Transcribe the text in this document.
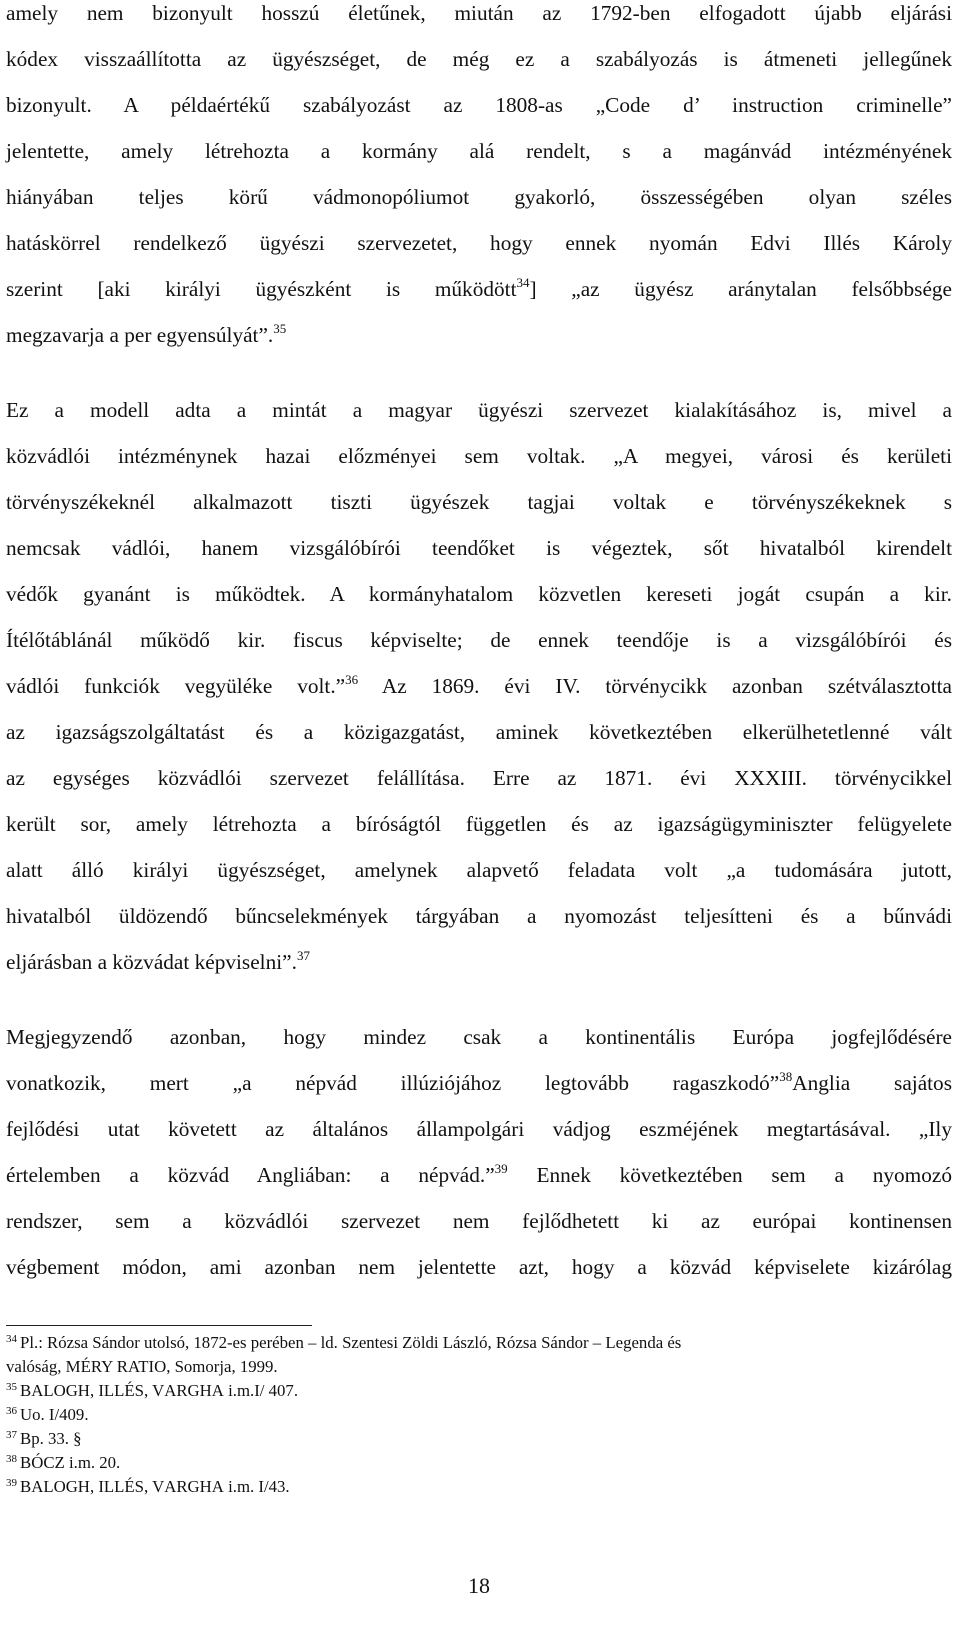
amely nem bizonyult hosszú életűnek, miután az 1792-ben elfogadott újabb eljárási
kódex visszaállította az ügyészséget, de még ez a szabályozás is átmeneti jellegűnek
bizonyult. A példaértékű szabályozást az 1808-as „Code d’ instruction criminelle”
jelentette, amely létrehozta a kormány alá rendelt, s a magánvád intézményének
hiányában teljes körű vádmonopóliumot gyakorló, összességében olyan széles
hatáskörrel rendelkező ügyészi szervezetet, hogy ennek nyomán Edvi Illés Károly
szerint [aki királyi ügyészként is működött$^{34}$] „az ügyész aránytalan felsőbbsége
megzavarja a per egyensúlyát”.$^{35}$
Ez a modell adta a mintát a magyar ügyészi szervezet kialakításához is, mivel a
közvádlói intézménynek hazai előzményei sem voltak. „A megyei, városi és kerületi
törvényszékeknél alkalmazott tiszti ügyészek tagjai voltak e törvényszékeknek s
nemcsak vádlói, hanem vizsgálóbírói teendőket is végeztek, sőt hivatalból kirendelt
védők gyanánt is működtek. A kormányhatalom közvetlen kereseti jogát csupán a kir.
Ítélőtáblánál működő kir. fiscus képviselte; de ennek teendője is a vizsgálóbírói és
vádlói funkciók vegyüléke volt.”$^{36}$ Az 1869. évi IV. törvénycikk azonban szétválasztotta
az igazságszolgáltatást és a közigazgatást, aminek következtében elkerülhetetlenné vált
az egységes közvádlói szervezet felállítása. Erre az 1871. évi XXXIII. törvénycikkel
került sor, amely létrehozta a bíróságtól független és az igazságügyminiszter felügyelete
alatt álló királyi ügyészséget, amelynek alapvető feladata volt „a tudomására jutott,
hivatalból üldözendő bűncselekmények tárgyában a nyomozást teljesítteni és a bűnvádi
eljárásban a közvádat képviselni”.$^{37}$
Megjegyzendő azonban, hogy mindez csak a kontinentális Európa jogfejlődésére
vonatkozik, mert „a népvád illúziójához legtovább ragaszkodó”$^{38}$Anglia sajátos
fejlődési utat követett az általános állampolgári vádjog eszméjének megtartásával. „Ily
értelemben a közvád Angliában: a népvád.”$^{39}$ Ennek következtében sem a nyomozó
rendszer, sem a közvádlói szervezet nem fejlődhetett ki az európai kontinensen
végbement módon, ami azonban nem jelentette azt, hogy a közvád képviselete kizárólag
$^{34}$ Pl.: Rózsa Sándor utolsó, 1872-es perében – ld. Szentesi Zöldi László, Rózsa Sándor – Legenda és
valóság, MÉRY RATIO, Somorja, 1999.
$^{35}$ BALOGH, ILLÉS, VARGHA i.m.I/ 407.
$^{36}$ Uo. I/409.
$^{37}$ Bp. 33. §
$^{38}$ BÓCZ i.m. 20.
$^{39}$ BALOGH, ILLÉS, VARGHA i.m. I/43.
18
